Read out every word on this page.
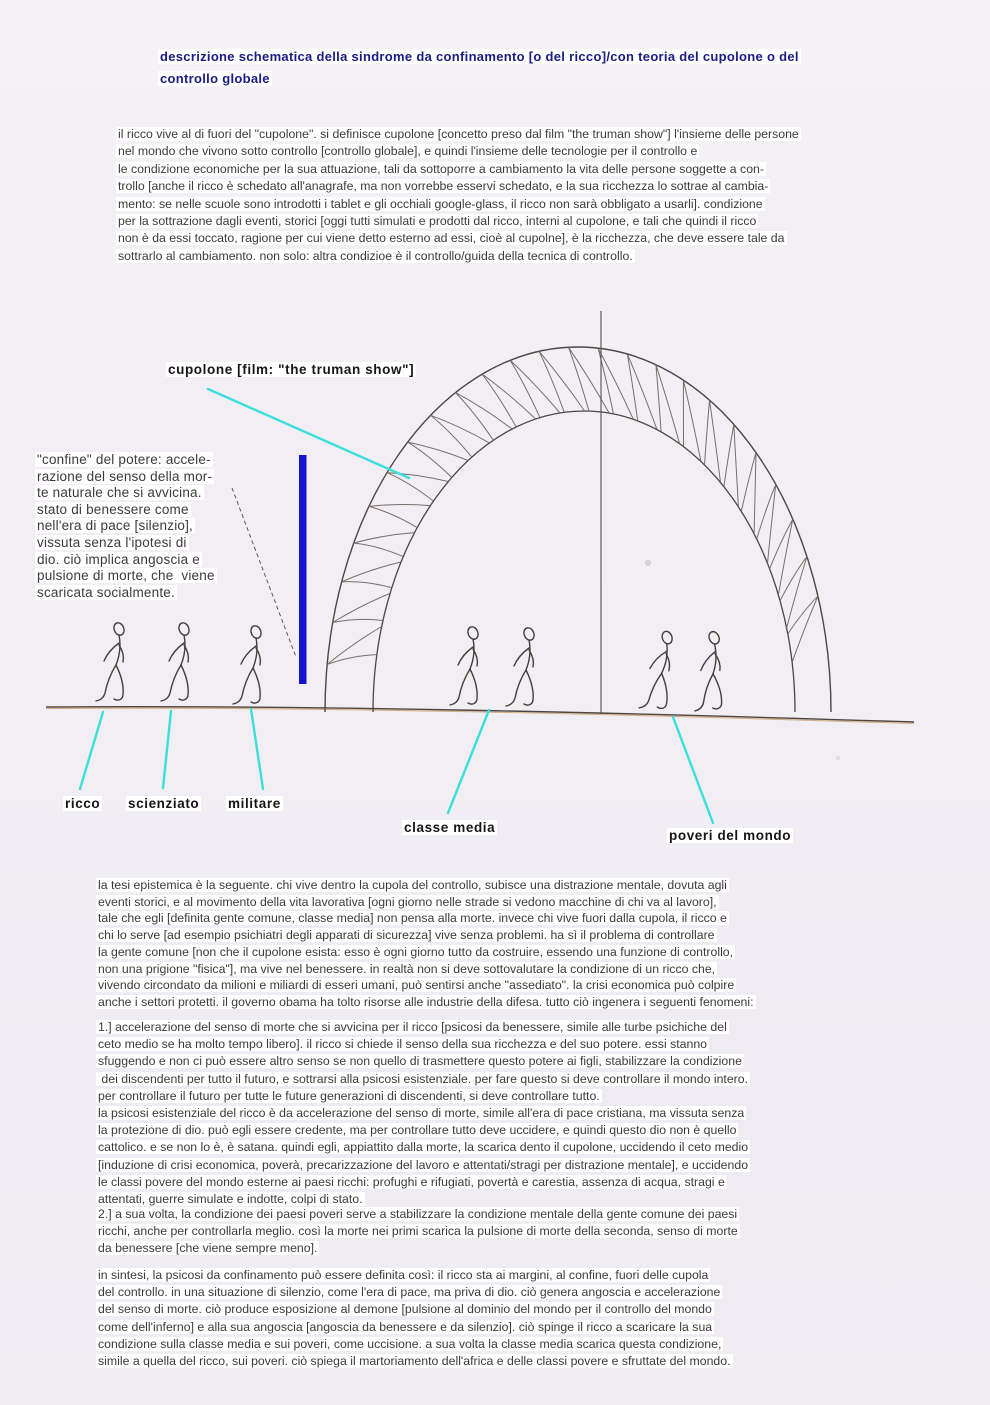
descrizione schematica della sindrome da confinamento [o del ricco]/con teoria del cupolone o del
controllo globale
il ricco vive al di fuori del "cupolone". si definisce cupolone [concetto preso dal film "the truman show"] l'insieme delle persone
nel mondo che vivono sotto controllo [controllo globale], e quindi l'insieme delle tecnologie per il controllo e
le condizione economiche per la sua attuazione, tali da sottoporre a cambiamento la vita delle persone soggette a con-
trollo [anche il ricco è schedato all'anagrafe, ma non vorrebbe esservi schedato, e la sua ricchezza lo sottrae al cambia-
mento: se nelle scuole sono introdotti i tablet e gli occhiali google-glass, il ricco non sarà obbligato a usarli]. condizione
per la sottrazione dagli eventi, storici [oggi tutti simulati e prodotti dal ricco, interni al cupolone, e tali che quindi il ricco
non è da essi toccato, ragione per cui viene detto esterno ad essi, cioè al cupolne], è la ricchezza, che deve essere tale da
sottrarlo al cambiamento. non solo: altra condizioe è il controllo/guida della tecnica di controllo.
cupolone [film: "the truman show"]
"confine" del potere: accele-
razione del senso della mor-
te naturale che si avvicina.
stato di benessere come
nell'era di pace [silenzio],
vissuta senza l'ipotesi di
dio. ciò implica angoscia e
pulsione di morte, che  viene
scaricata socialmente.
ricco scienziato militare
classe media
poveri del mondo
la tesi epistemica è la seguente. chi vive dentro la cupola del controllo, subisce una distrazione mentale, dovuta agli
eventi storici, e al movimento della vita lavorativa [ogni giorno nelle strade si vedono macchine di chi va al lavoro],
tale che egli [definita gente comune, classe media] non pensa alla morte. invece chi vive fuori dalla cupola, il ricco e
chi lo serve [ad esempio psichiatri degli apparati di sicurezza] vive senza problemi. ha sì il problema di controllare
la gente comune [non che il cupolone esista: esso è ogni giorno tutto da costruire, essendo una funzione di controllo,
non una prigione "fisica"], ma vive nel benessere. in realtà non si deve sottovalutare la condizione di un ricco che,
vivendo circondato da milioni e miliardi di esseri umani, può sentirsi anche "assediato". la crisi economica può colpire
anche i settori protetti. il governo obama ha tolto risorse alle industrie della difesa. tutto ciò ingenera i seguenti fenomeni:
1.] accelerazione del senso di morte che si avvicina per il ricco [psicosi da benessere, simile alle turbe psichiche del
ceto medio se ha molto tempo libero]. il ricco si chiede il senso della sua ricchezza e del suo potere. essi stanno
sfuggendo e non ci può essere altro senso se non quello di trasmettere questo potere ai figli, stabilizzare la condizione
dei discendenti per tutto il futuro, e sottrarsi alla psicosi esistenziale. per fare questo si deve controllare il mondo intero.
per controllare il futuro per tutte le future generazioni di discendenti, si deve controllare tutto.
la psicosi esistenziale del ricco è da accelerazione del senso di morte, simile all'era di pace cristiana, ma vissuta senza
la protezione di dio. può egli essere credente, ma per controllare tutto deve uccidere, e quindi questo dio non è quello
cattolico. e se non lo è, è satana. quindi egli, appiattito dalla morte, la scarica dento il cupolone, uccidendo il ceto medio
[induzione di crisi economica, poverà, precarizzazione del lavoro e attentati/stragi per distrazione mentale], e uccidendo
le classi povere del mondo esterne ai paesi ricchi: profughi e rifugiati, povertà e carestia, assenza di acqua, stragi e
attentati, guerre simulate e indotte, colpi di stato.
2.] a sua volta, la condizione dei paesi poveri serve a stabilizzare la condizione mentale della gente comune dei paesi
ricchi, anche per controllarla meglio. così la morte nei primi scarica la pulsione di morte della seconda, senso di morte
da benessere [che viene sempre meno].
in sintesi, la psicosi da confinamento può essere definita così: il ricco sta ai margini, al confine, fuori delle cupola
del controllo. in una situazione di silenzio, come l'era di pace, ma priva di dio. ciò genera angoscia e accelerazione
del senso di morte. ciò produce esposizione al demone [pulsione al dominio del mondo per il controllo del mondo
come dell'inferno] e alla sua angoscia [angoscia da benessere e da silenzio]. ciò spinge il ricco a scaricare la sua
condizione sulla classe media e sui poveri, come uccisione. a sua volta la classe media scarica questa condizione,
simile a quella del ricco, sui poveri. ciò spiega il martoriamento dell'africa e delle classi povere e sfruttate del mondo.
